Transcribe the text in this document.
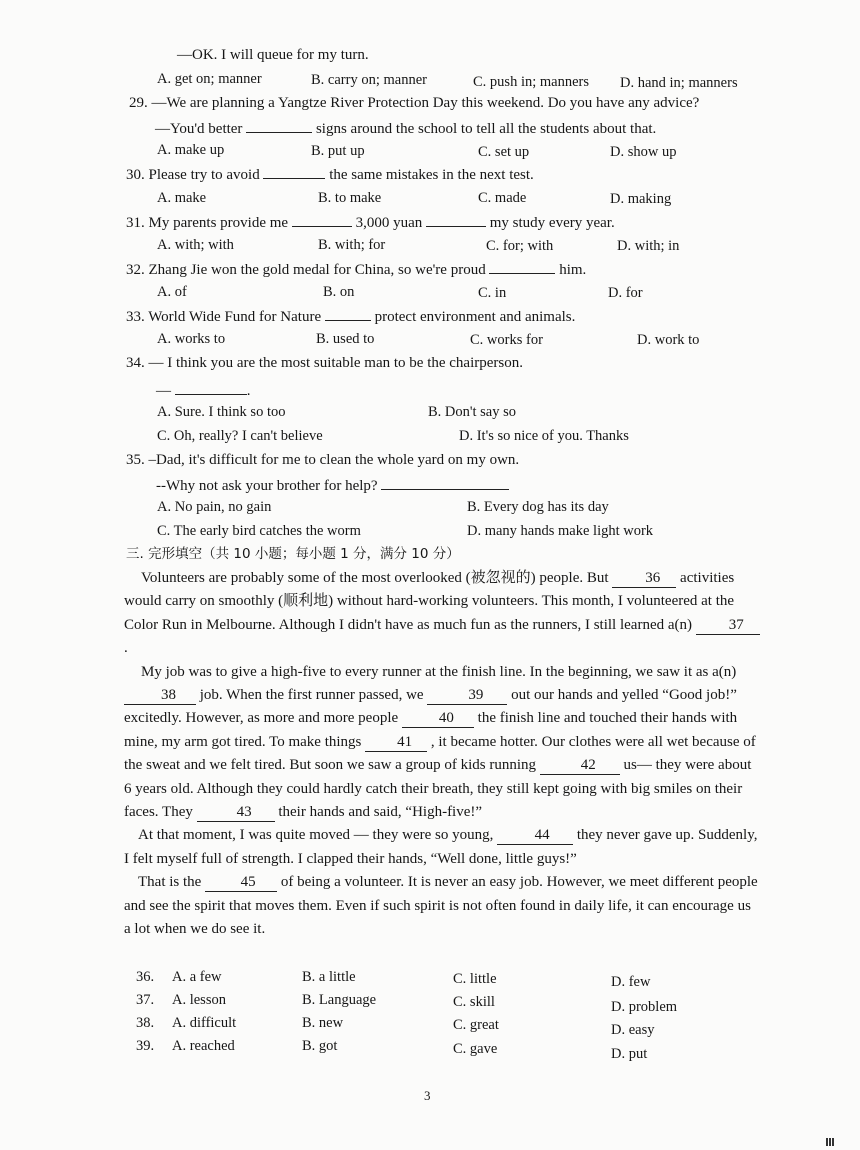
—OK. I will queue for my turn.
A. get on; manner	B. carry on; manner	C. push in; manners D. hand in; manners
29. —We are planning a Yangtze River Protection Day this weekend. Do you have any advice?
—You'd better	signs around the school to tell all the students about that.
A. make up	B. put up	C. set up	D. show up
30. Please try to avoid	the same mistakes in the next test.
A. make	B. to make	C. made	D. making
31. My parents provide me	3,000 yuan	my study every year.
A. with; with	B. with; for	C. for; with	D. with; in
32. Zhang Jie won the gold medal for China, so we're proud	him.
A. of	B. on	C. in	D. for
33. World Wide Fund for Nature	protect environment and animals.
A. works to	B. used to	C. works for	D. work to
34. — I think you are the most suitable man to be the chairperson.
—	.
A. Sure. I think so too	B. Don't say so
C. Oh, really? I can't believe	D. It's so nice of you. Thanks
35. –Dad, it's difficult for me to clean the whole yard on my own.
--Why not ask your brother for help?
A. No pain, no gain	B. Every dog has its day
C. The early bird catches the worm	D. many hands make light work
三. 完形填空（共 10 小题；每小题 1 分，满分 10 分）

Volunteers are probably some of the most overlooked (被忽视的) people. But 36 activities would carry on smoothly (顺利地) without hard-working volunteers. This month, I volunteered at the Color Run in Melbourne. Although I didn't have as much fun as the runners, I still learned a(n) 37 .

My job was to give a high-five to every runner at the finish line. In the beginning, we saw it as a(n) 38 job. When the first runner passed, we	39 out our hands and yelled “Good job!” excitedly. However, as more and more people	40 the finish line and touched their hands with mine, my arm got tired. To make things 41 , it became hotter. Our clothes were all wet because of the sweat and we felt tired. But soon we saw a group of kids running	42 us— they were about 6 years old. Although they could hardly catch their breath, they still kept going with big smiles on their faces. They	43 their hands and said, “High-five!”

At that moment, I was quite moved — they were so young,	44 they never gave up. Suddenly, I felt myself full of strength. I clapped their hands, “Well done, little guys!”

That is the	45 of being a volunteer. It is never an easy job. However, we meet different people and see the spirit that moves them. Even if such spirit is not often found in daily life, it can encourage us a lot when we do see it.

36. A. a few	B. a little	C. little	D. few
37. A. lesson	B. Language	C. skill	D. problem
38. A. difficult	B. new	C. great	D. easy
39. A. reached	B. got	C. gave	D. put
3
